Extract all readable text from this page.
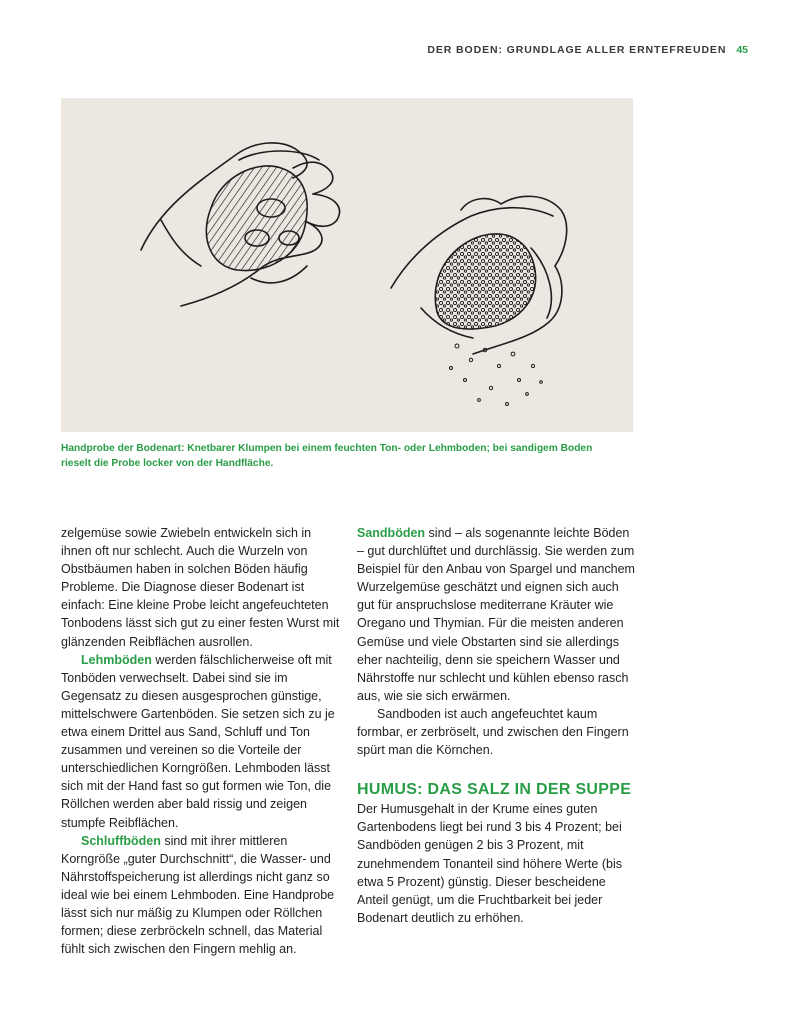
DER BODEN: GRUNDLAGE ALLER ERNTEFREUDEN 45
Handprobe der Bodenart: Knetbarer Klumpen bei einem feuchten Ton- oder Lehmboden; bei sandigem Boden rieselt die Probe locker von der Handfläche.

zelgemüse sowie Zwiebeln entwickeln sich in ihnen oft nur schlecht. Auch die Wurzeln von Obstbäumen haben in solchen Böden häufig Probleme. Die Diagnose dieser Bodenart ist einfach: Eine kleine Probe leicht angefeuchteten Tonbodens lässt sich gut zu einer festen Wurst mit glänzenden Reibflächen ausrollen.

Lehmböden werden fälschlicherweise oft mit Tonböden verwechselt. Dabei sind sie im Gegensatz zu diesen ausgesprochen günstige, mittelschwere Gartenböden. Sie setzen sich zu je etwa einem Drittel aus Sand, Schluff und Ton zusammen und vereinen so die Vorteile der unterschiedlichen Korngrößen. Lehmboden lässt sich mit der Hand fast so gut formen wie Ton, die Röllchen werden aber bald rissig und zeigen stumpfe Reibflächen.

Schluffböden sind mit ihrer mittleren Korngröße „guter Durchschnitt“, die Wasser- und Nährstoffspeicherung ist allerdings nicht ganz so ideal wie bei einem Lehmboden. Eine Handprobe lässt sich nur mäßig zu Klumpen oder Röllchen formen; diese zerbröckeln schnell, das Material fühlt sich zwischen den Fingern mehlig an.

Sandböden sind – als sogenannte leichte Böden – gut durchlüftet und durchlässig. Sie werden zum Beispiel für den Anbau von Spargel und manchem Wurzelgemüse geschätzt und eignen sich auch gut für anspruchslose mediterrane Kräuter wie Oregano und Thymian. Für die meisten anderen Gemüse und viele Obstarten sind sie allerdings eher nachteilig, denn sie speichern Wasser und Nährstoffe nur schlecht und kühlen ebenso rasch aus, wie sie sich erwärmen.

Sandboden ist auch angefeuchtet kaum formbar, er zerbröselt, und zwischen den Fingern spürt man die Körnchen.

HUMUS: DAS SALZ IN DER SUPPE

Der Humusgehalt in der Krume eines guten Gartenbodens liegt bei rund 3 bis 4 Prozent; bei Sandböden genügen 2 bis 3 Prozent, mit zunehmendem Tonanteil sind höhere Werte (bis etwa 5 Prozent) günstig. Dieser bescheidene Anteil genügt, um die Fruchtbarkeit bei jeder Bodenart deutlich zu erhöhen.
